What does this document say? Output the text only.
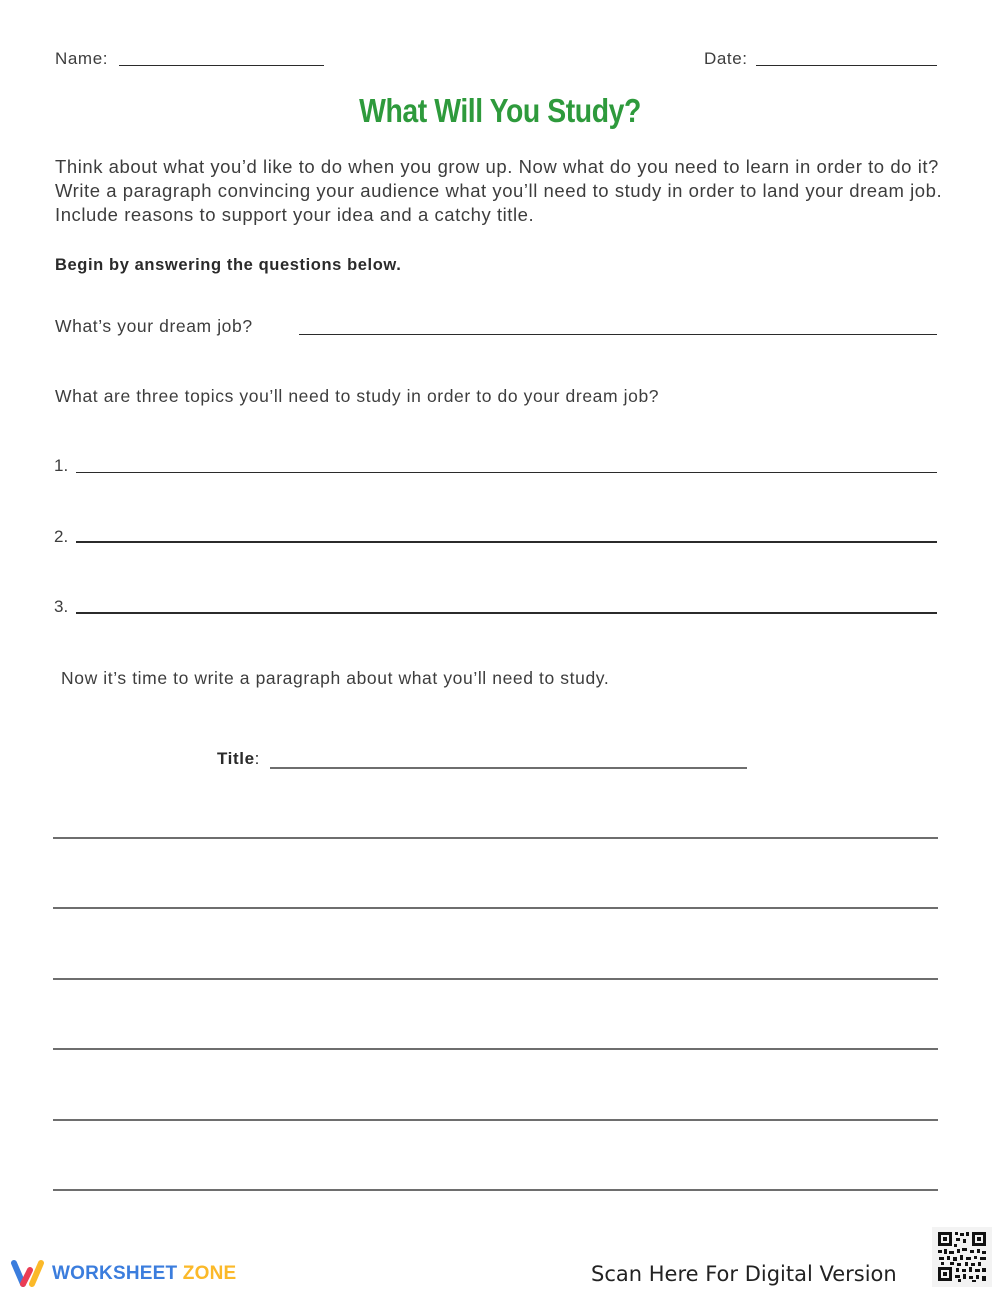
Name:	Date:
What Will You Study?
Think about what you’d like to do when you grow up. Now what do you need to learn in order to do it? Write a paragraph convincing your audience what you’ll need to study in order to land your dream job. Include reasons to support your idea and a catchy title.
Begin by answering the questions below.
What’s your dream job?
What are three topics you’ll need to study in order to do your dream job?
1.
2.
3.
Now it’s time to write a paragraph about what you’ll need to study.
Title:
WORKSHEET ZONE	Scan Here For Digital Version
